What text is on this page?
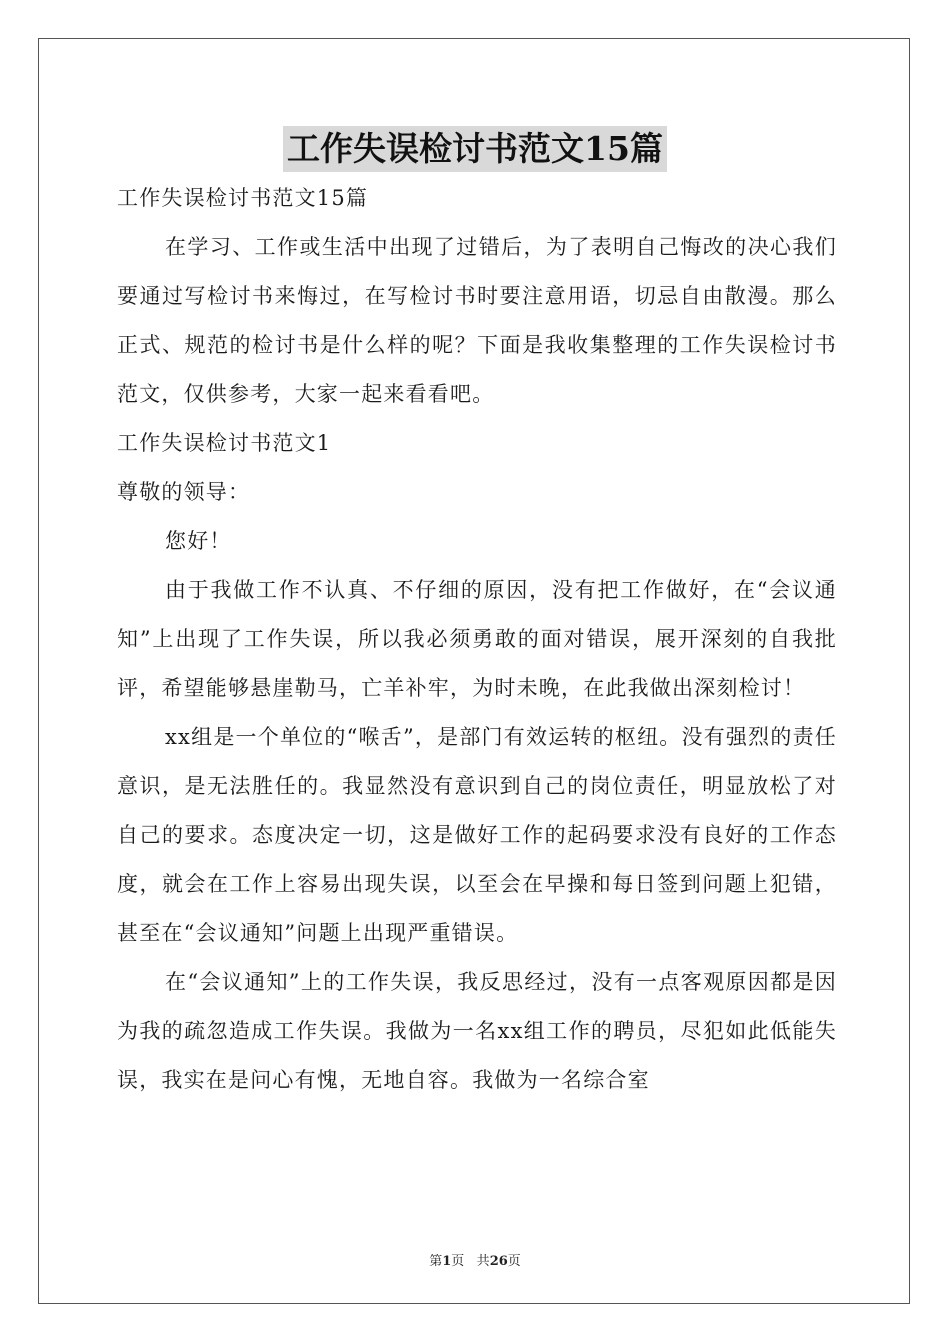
工作失误检讨书范文15篇

工作失误检讨书范文15篇

在学习、工作或生活中出现了过错后，为了表明自己悔改的决心我们要通过写检讨书来悔过，在写检讨书时要注意用语，切忌自由散漫。那么正式、规范的检讨书是什么样的呢？下面是我收集整理的工作失误检讨书范文，仅供参考，大家一起来看看吧。

工作失误检讨书范文1

尊敬的领导：

您好！

由于我做工作不认真、不仔细的原因，没有把工作做好，在“会议通知”上出现了工作失误，所以我必须勇敢的面对错误，展开深刻的自我批评，希望能够悬崖勒马，亡羊补牢，为时未晚，在此我做出深刻检讨！

xx组是一个单位的“喉舌”，是部门有效运转的枢纽。没有强烈的责任意识，是无法胜任的。我显然没有意识到自己的岗位责任，明显放松了对自己的要求。态度决定一切，这是做好工作的起码要求没有良好的工作态度，就会在工作上容易出现失误，以至会在早操和每日签到问题上犯错，甚至在“会议通知”问题上出现严重错误。

在“会议通知”上的工作失误，我反思经过，没有一点客观原因都是因为我的疏忽造成工作失误。我做为一名xx组工作的聘员，尽犯如此低能失误，我实在是问心有愧，无地自容。我做为一名综合室

第1页 共26页
